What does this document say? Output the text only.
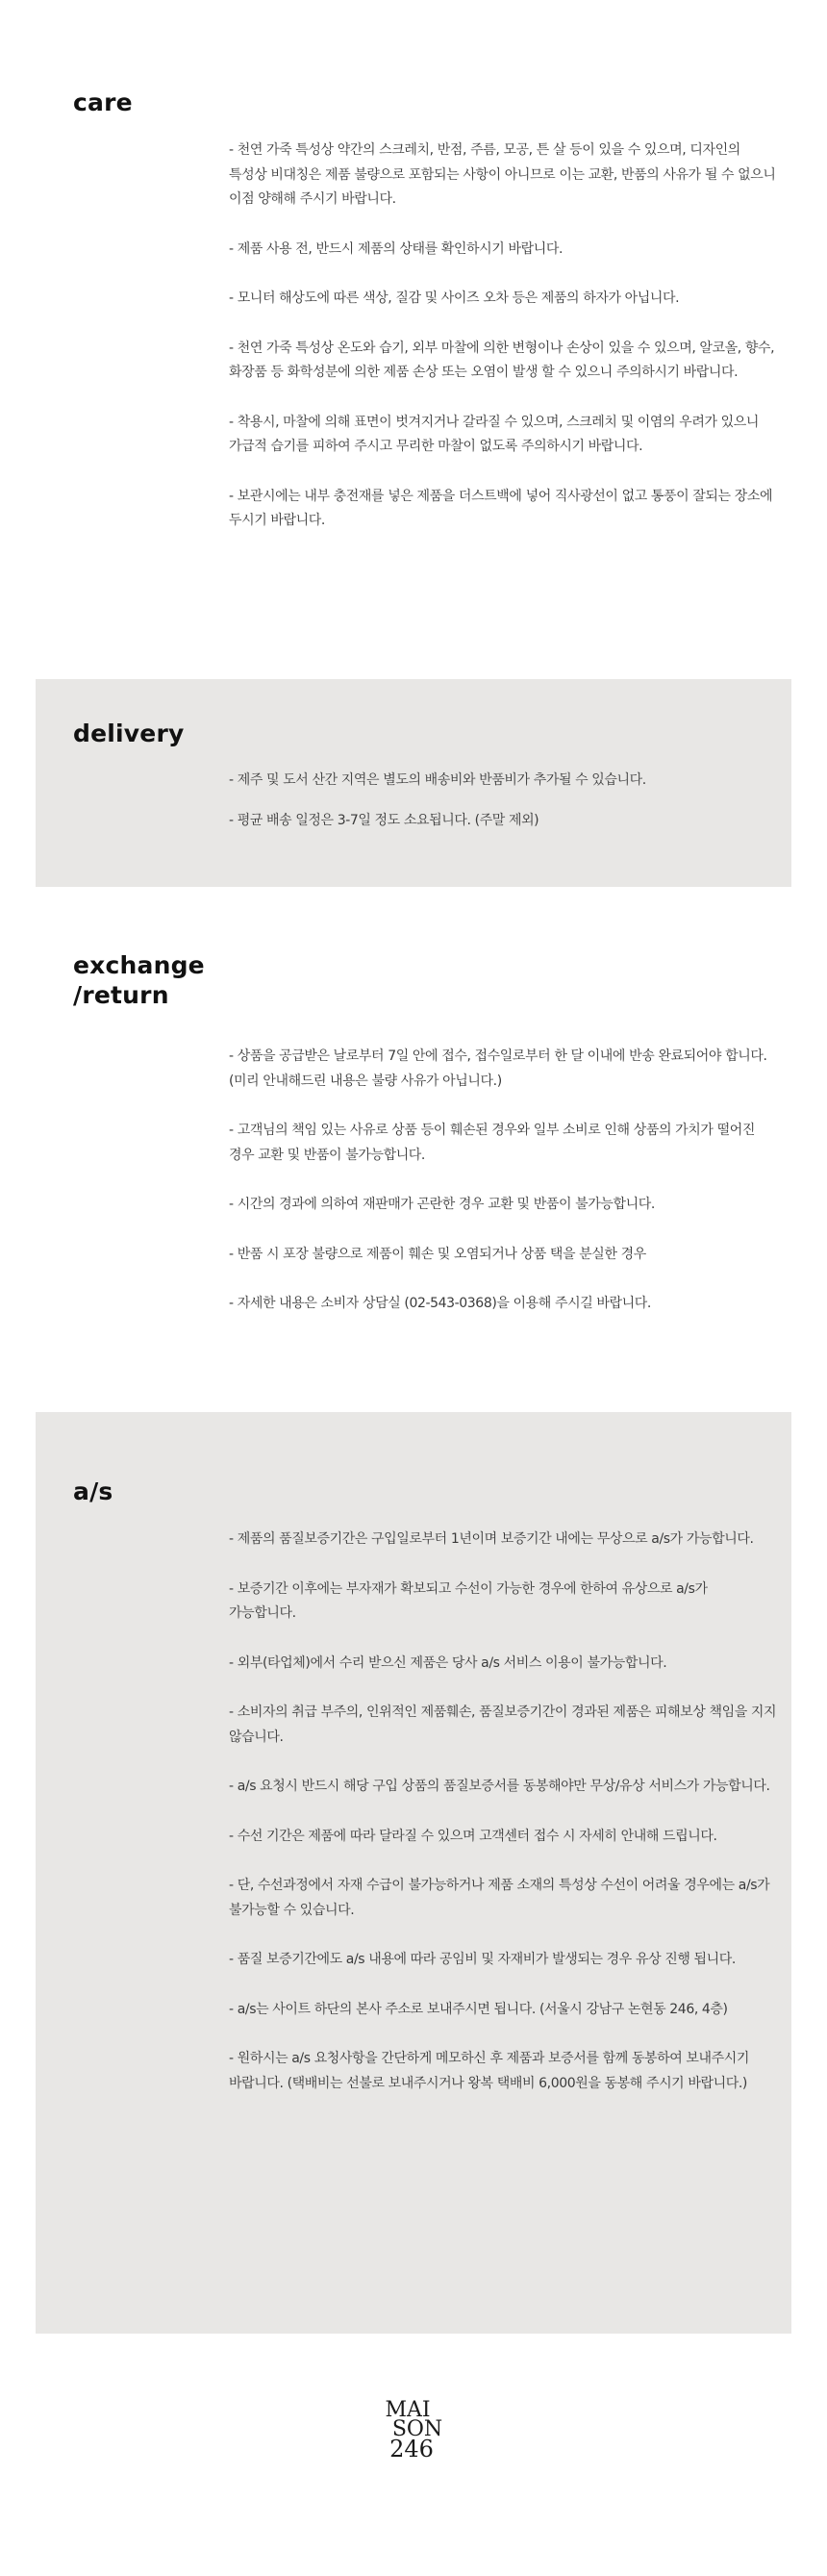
care
- 천연 가죽 특성상 약간의 스크레치, 반점, 주름, 모공, 튼 살 등이 있을 수 있으며, 디자인의 특성상 비대칭은 제품 불량으로 포함되는 사항이 아니므로 이는 교환, 반품의 사유가 될 수 없으니 이점 양해해 주시기 바랍니다.
- 제품 사용 전, 반드시 제품의 상태를 확인하시기 바랍니다.
- 모니터 해상도에 따른 색상, 질감 및 사이즈 오차 등은 제품의 하자가 아닙니다.
- 천연 가죽 특성상 온도와 습기, 외부 마찰에 의한 변형이나 손상이 있을 수 있으며, 알코올, 향수, 화장품 등 화학성분에 의한 제품 손상 또는 오염이 발생 할 수 있으니 주의하시기 바랍니다.
- 착용시, 마찰에 의해 표면이 벗겨지거나 갈라질 수 있으며, 스크레치 및 이염의 우려가 있으니 가급적 습기를 피하여 주시고 무리한 마찰이 없도록 주의하시기 바랍니다.
- 보관시에는 내부 충전재를 넣은 제품을 더스트백에 넣어 직사광선이 없고 통풍이 잘되는 장소에 두시기 바랍니다.
delivery
- 제주 및 도서 산간 지역은 별도의 배송비와 반품비가 추가될 수 있습니다.
- 평균 배송 일정은 3-7일 정도 소요됩니다. (주말 제외)
exchange
/return
- 상품을 공급받은 날로부터 7일 안에 접수, 접수일로부터 한 달 이내에 반송 완료되어야 합니다. (미리 안내해드린 내용은 불량 사유가 아닙니다.)
- 고객님의 책임 있는 사유로 상품 등이 훼손된 경우와 일부 소비로 인해 상품의 가치가 떨어진 경우 교환 및 반품이 불가능합니다.
- 시간의 경과에 의하여 재판매가 곤란한 경우 교환 및 반품이 불가능합니다.
- 반품 시 포장 불량으로 제품이 훼손 및 오염되거나 상품 택을 분실한 경우
- 자세한 내용은 소비자 상담실 (02-543-0368)을 이용해 주시길 바랍니다.
a/s
- 제품의 품질보증기간은 구입일로부터 1년이며 보증기간 내에는 무상으로 a/s가 가능합니다.
- 보증기간 이후에는 부자재가 확보되고 수선이 가능한 경우에 한하여 유상으로 a/s가 가능합니다.
- 외부(타업체)에서 수리 받으신 제품은 당사 a/s 서비스 이용이 불가능합니다.
- 소비자의 취급 부주의, 인위적인 제품훼손, 품질보증기간이 경과된 제품은 피해보상 책임을 지지 않습니다.
- a/s 요청시 반드시 해당 구입 상품의 품질보증서를 동봉해야만 무상/유상 서비스가 가능합니다.
- 수선 기간은 제품에 따라 달라질 수 있으며 고객센터 접수 시 자세히 안내해 드립니다.
- 단, 수선과정에서 자재 수급이 불가능하거나 제품 소재의 특성상 수선이 어려울 경우에는 a/s가 불가능할 수 있습니다.
- 품질 보증기간에도 a/s 내용에 따라 공임비 및 자재비가 발생되는 경우 유상 진행 됩니다.
- a/s는 사이트 하단의 본사 주소로 보내주시면 됩니다. (서울시 강남구 논현동 246, 4층)
- 원하시는 a/s 요청사항을 간단하게 메모하신 후 제품과 보증서를 함께 동봉하여 보내주시기 바랍니다. (택배비는 선불로 보내주시거나 왕복 택배비 6,000원을 동봉해 주시기 바랍니다.)
MAI
SON
246
